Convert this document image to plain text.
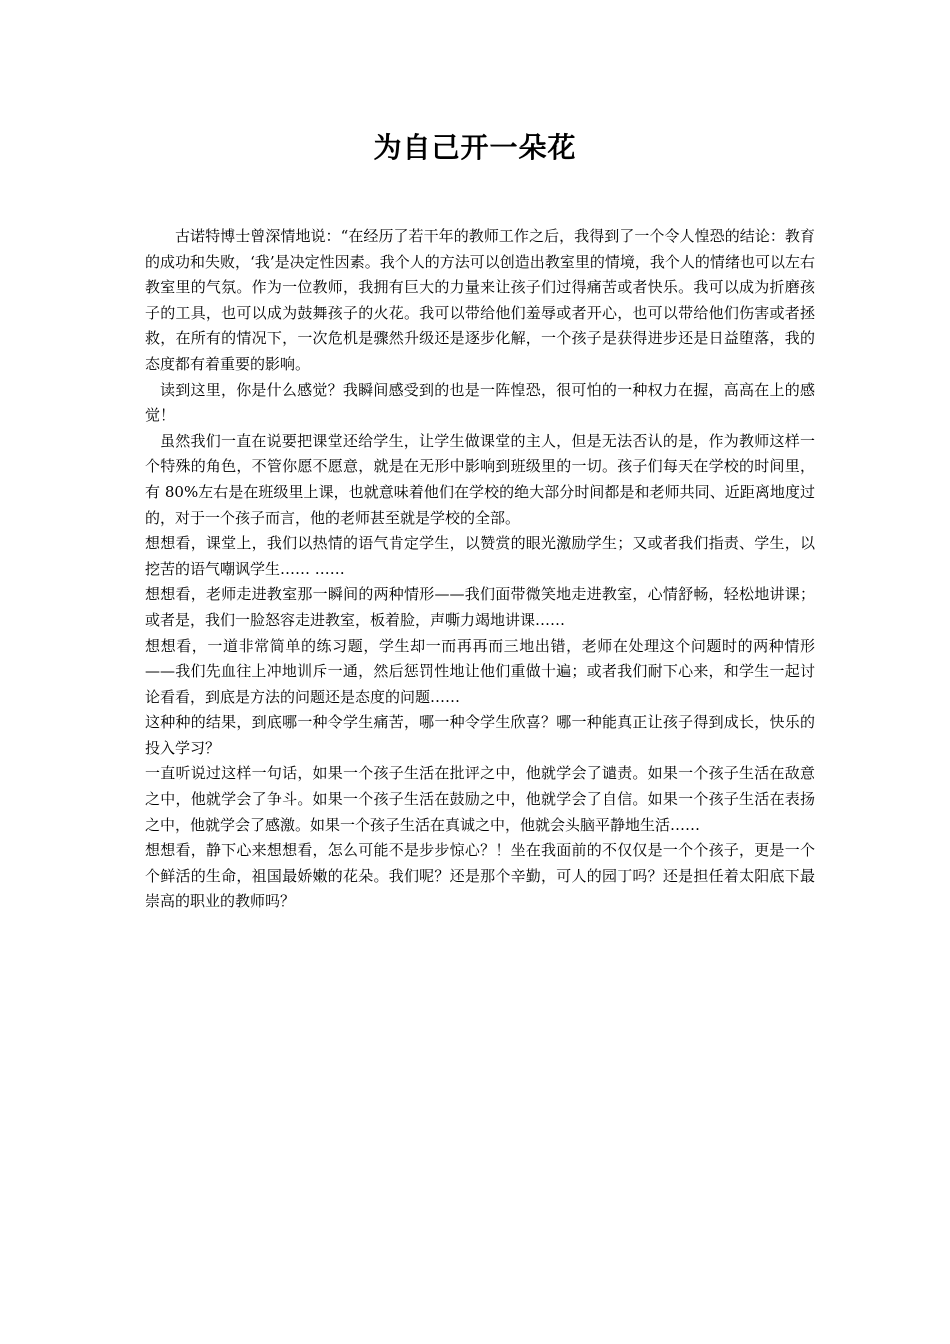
为自己开一朵花

古诺特博士曾深情地说：“在经历了若干年的教师工作之后，我得到了一个令人惶恐的结论：教育的成功和失败，‘我’是决定性因素。我个人的方法可以创造出教室里的情境，我个人的情绪也可以左右教室里的气氛。作为一位教师，我拥有巨大的力量来让孩子们过得痛苦或者快乐。我可以成为折磨孩子的工具，也可以成为鼓舞孩子的火花。我可以带给他们羞辱或者开心，也可以带给他们伤害或者拯救，在所有的情况下，一次危机是骤然升级还是逐步化解，一个孩子是获得进步还是日益堕落，我的态度都有着重要的影响。

读到这里，你是什么感觉？我瞬间感受到的也是一阵惶恐，很可怕的一种权力在握，高高在上的感觉！

虽然我们一直在说要把课堂还给学生，让学生做课堂的主人，但是无法否认的是，作为教师这样一个特殊的角色，不管你愿不愿意，就是在无形中影响到班级里的一切。孩子们每天在学校的时间里，有 80%左右是在班级里上课，也就意味着他们在学校的绝大部分时间都是和老师共同、近距离地度过的，对于一个孩子而言，他的老师甚至就是学校的全部。

想想看，课堂上，我们以热情的语气肯定学生，以赞赏的眼光激励学生；又或者我们指责、学生，以挖苦的语气嘲讽学生…… ……

想想看，老师走进教室那一瞬间的两种情形——我们面带微笑地走进教室，心情舒畅，轻松地讲课；或者是，我们一脸怒容走进教室，板着脸，声嘶力竭地讲课……

想想看，一道非常简单的练习题，学生却一而再再而三地出错，老师在处理这个问题时的两种情形——我们先血往上冲地训斥一通，然后惩罚性地让他们重做十遍；或者我们耐下心来，和学生一起讨论看看，到底是方法的问题还是态度的问题……

这种种的结果，到底哪一种令学生痛苦，哪一种令学生欣喜？哪一种能真正让孩子得到成长，快乐的投入学习？

一直听说过这样一句话，如果一个孩子生活在批评之中，他就学会了谴责。如果一个孩子生活在敌意之中，他就学会了争斗。如果一个孩子生活在鼓励之中，他就学会了自信。如果一个孩子生活在表扬之中，他就学会了感激。如果一个孩子生活在真诚之中，他就会头脑平静地生活……

想想看，静下心来想想看，怎么可能不是步步惊心？！坐在我面前的不仅仅是一个个孩子，更是一个个鲜活的生命，祖国最娇嫩的花朵。我们呢？还是那个辛勤，可人的园丁吗？还是担任着太阳底下最崇高的职业的教师吗？
